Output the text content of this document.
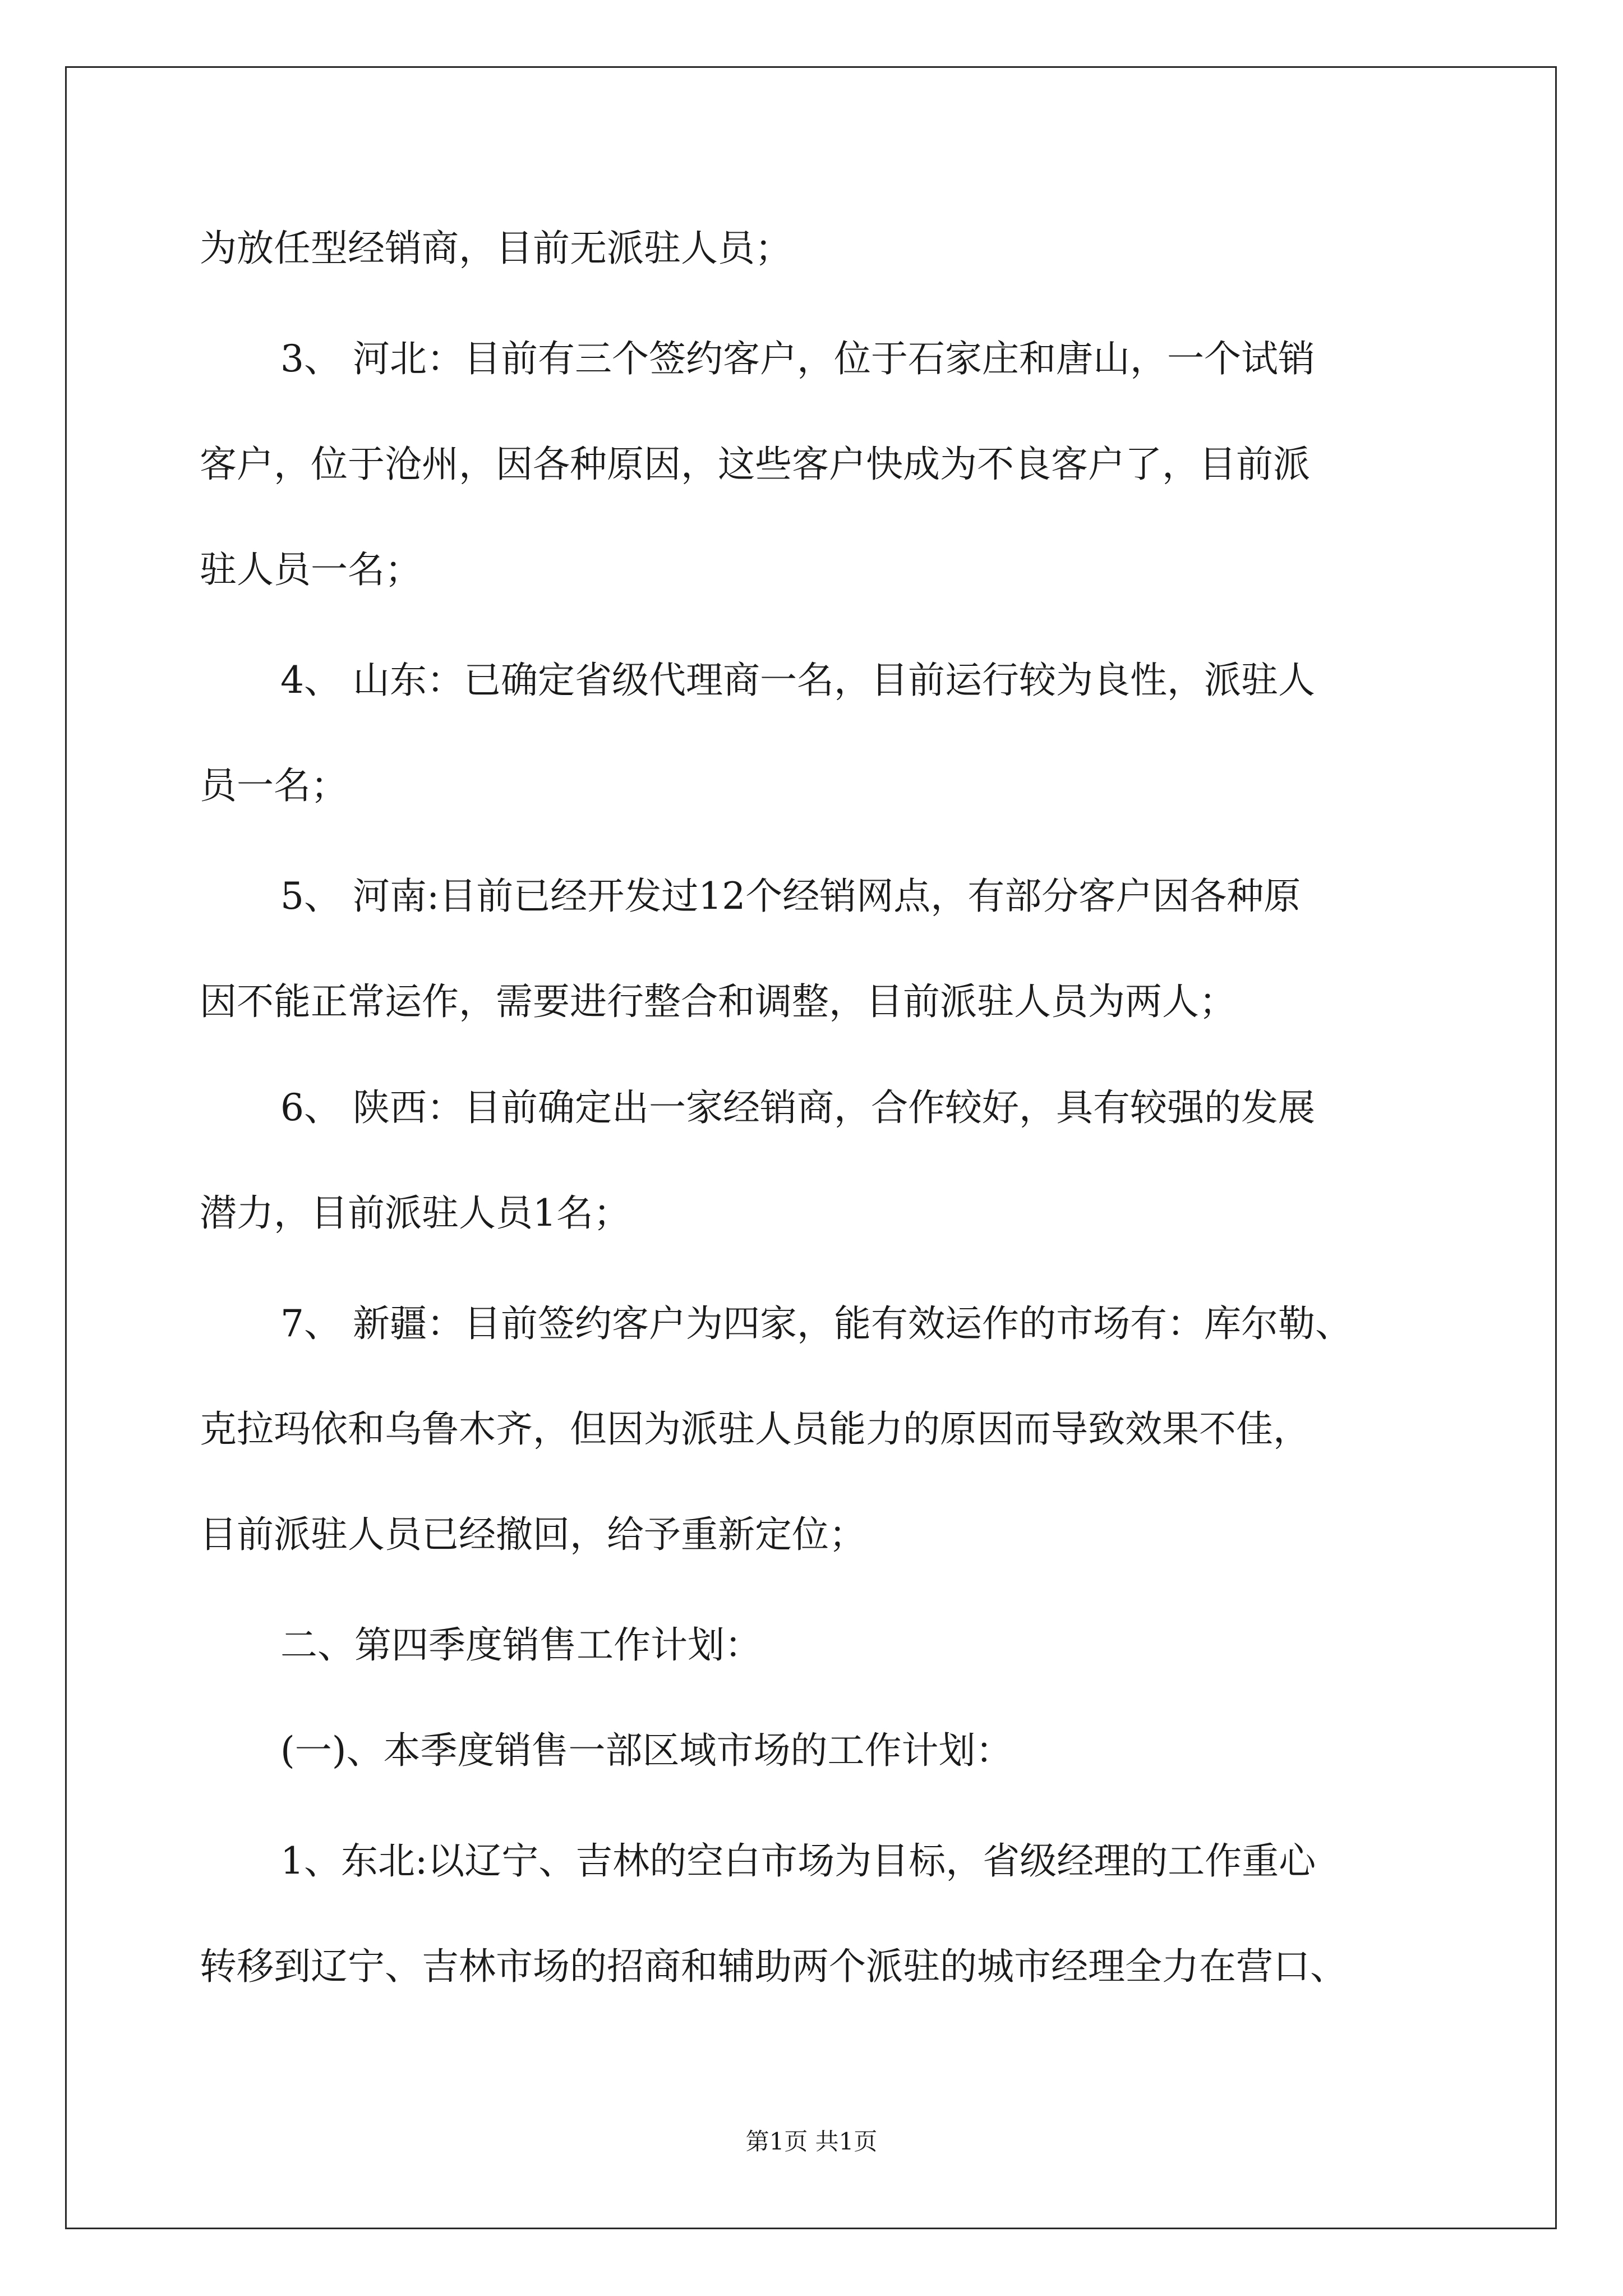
为放任型经销商，目前无派驻人员；
3、 河北：目前有三个签约客户，位于石家庄和唐山，一个试销
客户，位于沧州，因各种原因，这些客户快成为不良客户了，目前派
驻人员一名；
4、 山东：已确定省级代理商一名，目前运行较为良性，派驻人
员一名；
5、 河南:目前已经开发过12个经销网点，有部分客户因各种原
因不能正常运作，需要进行整合和调整，目前派驻人员为两人；
6、 陕西：目前确定出一家经销商，合作较好，具有较强的发展
潜力，目前派驻人员1名；
7、 新疆：目前签约客户为四家，能有效运作的市场有：库尔勒、
克拉玛依和乌鲁木齐，但因为派驻人员能力的原因而导致效果不佳，
目前派驻人员已经撤回，给予重新定位；
二、第四季度销售工作计划：
(一)、本季度销售一部区域市场的工作计划：
1、东北:以辽宁、吉林的空白市场为目标，省级经理的工作重心
转移到辽宁、吉林市场的招商和辅助两个派驻的城市经理全力在营口、
第1页 共1页
